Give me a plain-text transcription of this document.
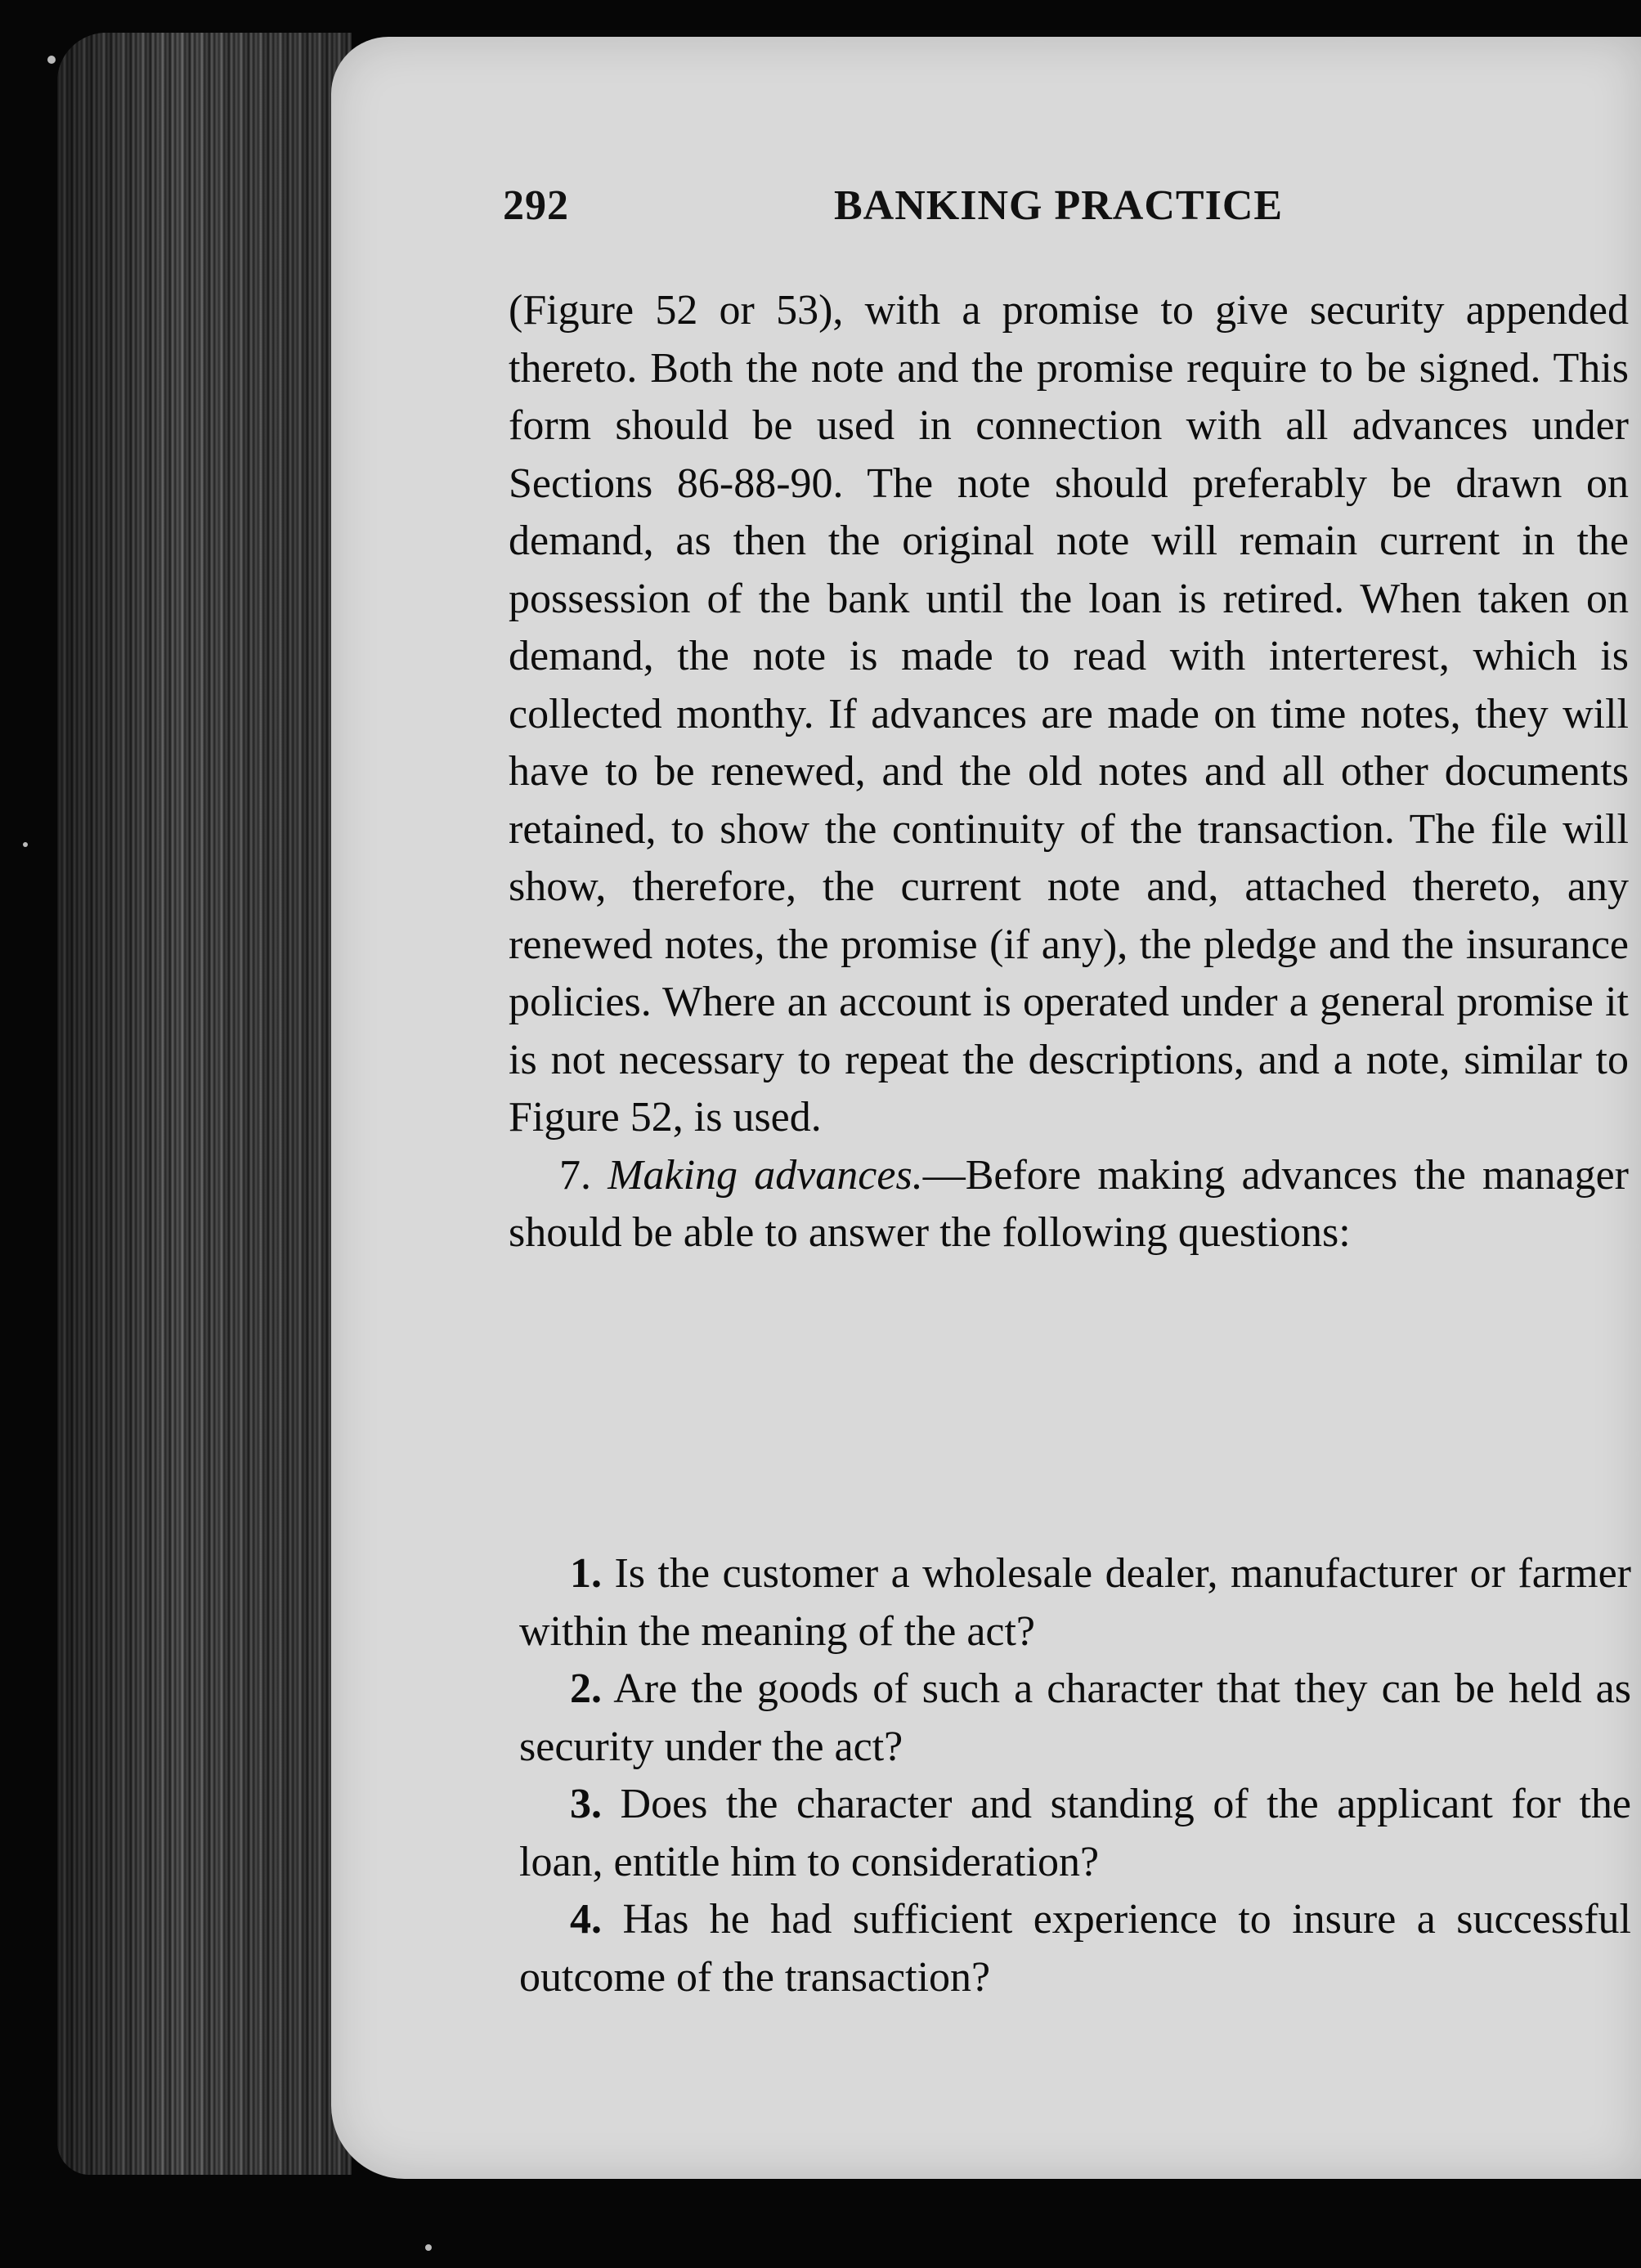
292	BANKING PRACTICE

(Figure 52 or 53), with a promise to give security appended thereto. Both the note and the promise require to be signed. This form should be used in connection with all advances under Sections 86-88-90. The note should preferably be drawn on demand, as then the original note will remain current in the possession of the bank until the loan is retired. When taken on demand, the note is made to read with interterest, which is collected monthy. If advances are made on time notes, they will have to be renewed, and the old notes and all other documents retained, to show the continuity of the transaction. The file will show, therefore, the current note and, attached thereto, any renewed notes, the promise (if any), the pledge and the insurance policies. Where an account is operated under a general promise it is not necessary to repeat the descriptions, and a note, similar to Figure 52, is used.

7. Making advances.—Before making advances the manager should be able to answer the following questions:

1. Is the customer a wholesale dealer, manufacturer or farmer within the meaning of the act?

2. Are the goods of such a character that they can be held as security under the act?

3. Does the character and standing of the applicant for the loan, entitle him to consideration?

4. Has he had sufficient experience to insure a successful outcome of the transaction?
